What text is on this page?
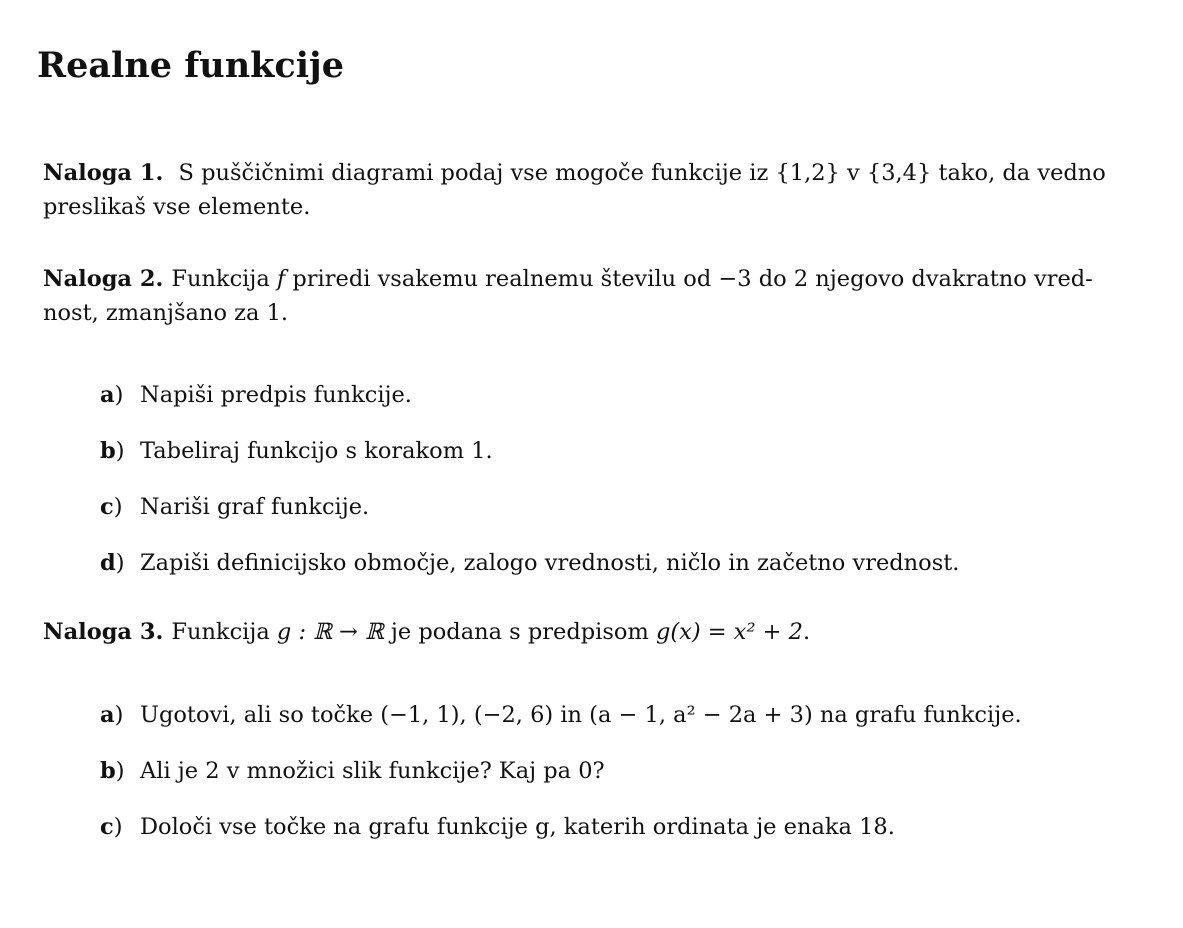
Realne funkcije

Naloga 1. S puščičnimi diagrami podaj vse mogoče funkcije iz {1,2} v {3,4} tako, da vedno preslikaš vse elemente.

Naloga 2. Funkcija f priredi vsakemu realnemu številu od −3 do 2 njegovo dvakratno vred-nost, zmanjšano za 1.

a) Napiši predpis funkcije.

b) Tabeliraj funkcijo s korakom 1.

c) Nariši graf funkcije.

d) Zapiši definicijsko območje, zalogo vrednosti, ničlo in začetno vrednost.

Naloga 3. Funkcija g : ℝ → ℝ je podana s predpisom g(x) = x² + 2.

a) Ugotovi, ali so točke (−1, 1), (−2, 6) in (a − 1, a² − 2a + 3) na grafu funkcije.

b) Ali je 2 v množici slik funkcije? Kaj pa 0?

c) Določi vse točke na grafu funkcije g, katerih ordinata je enaka 18.
